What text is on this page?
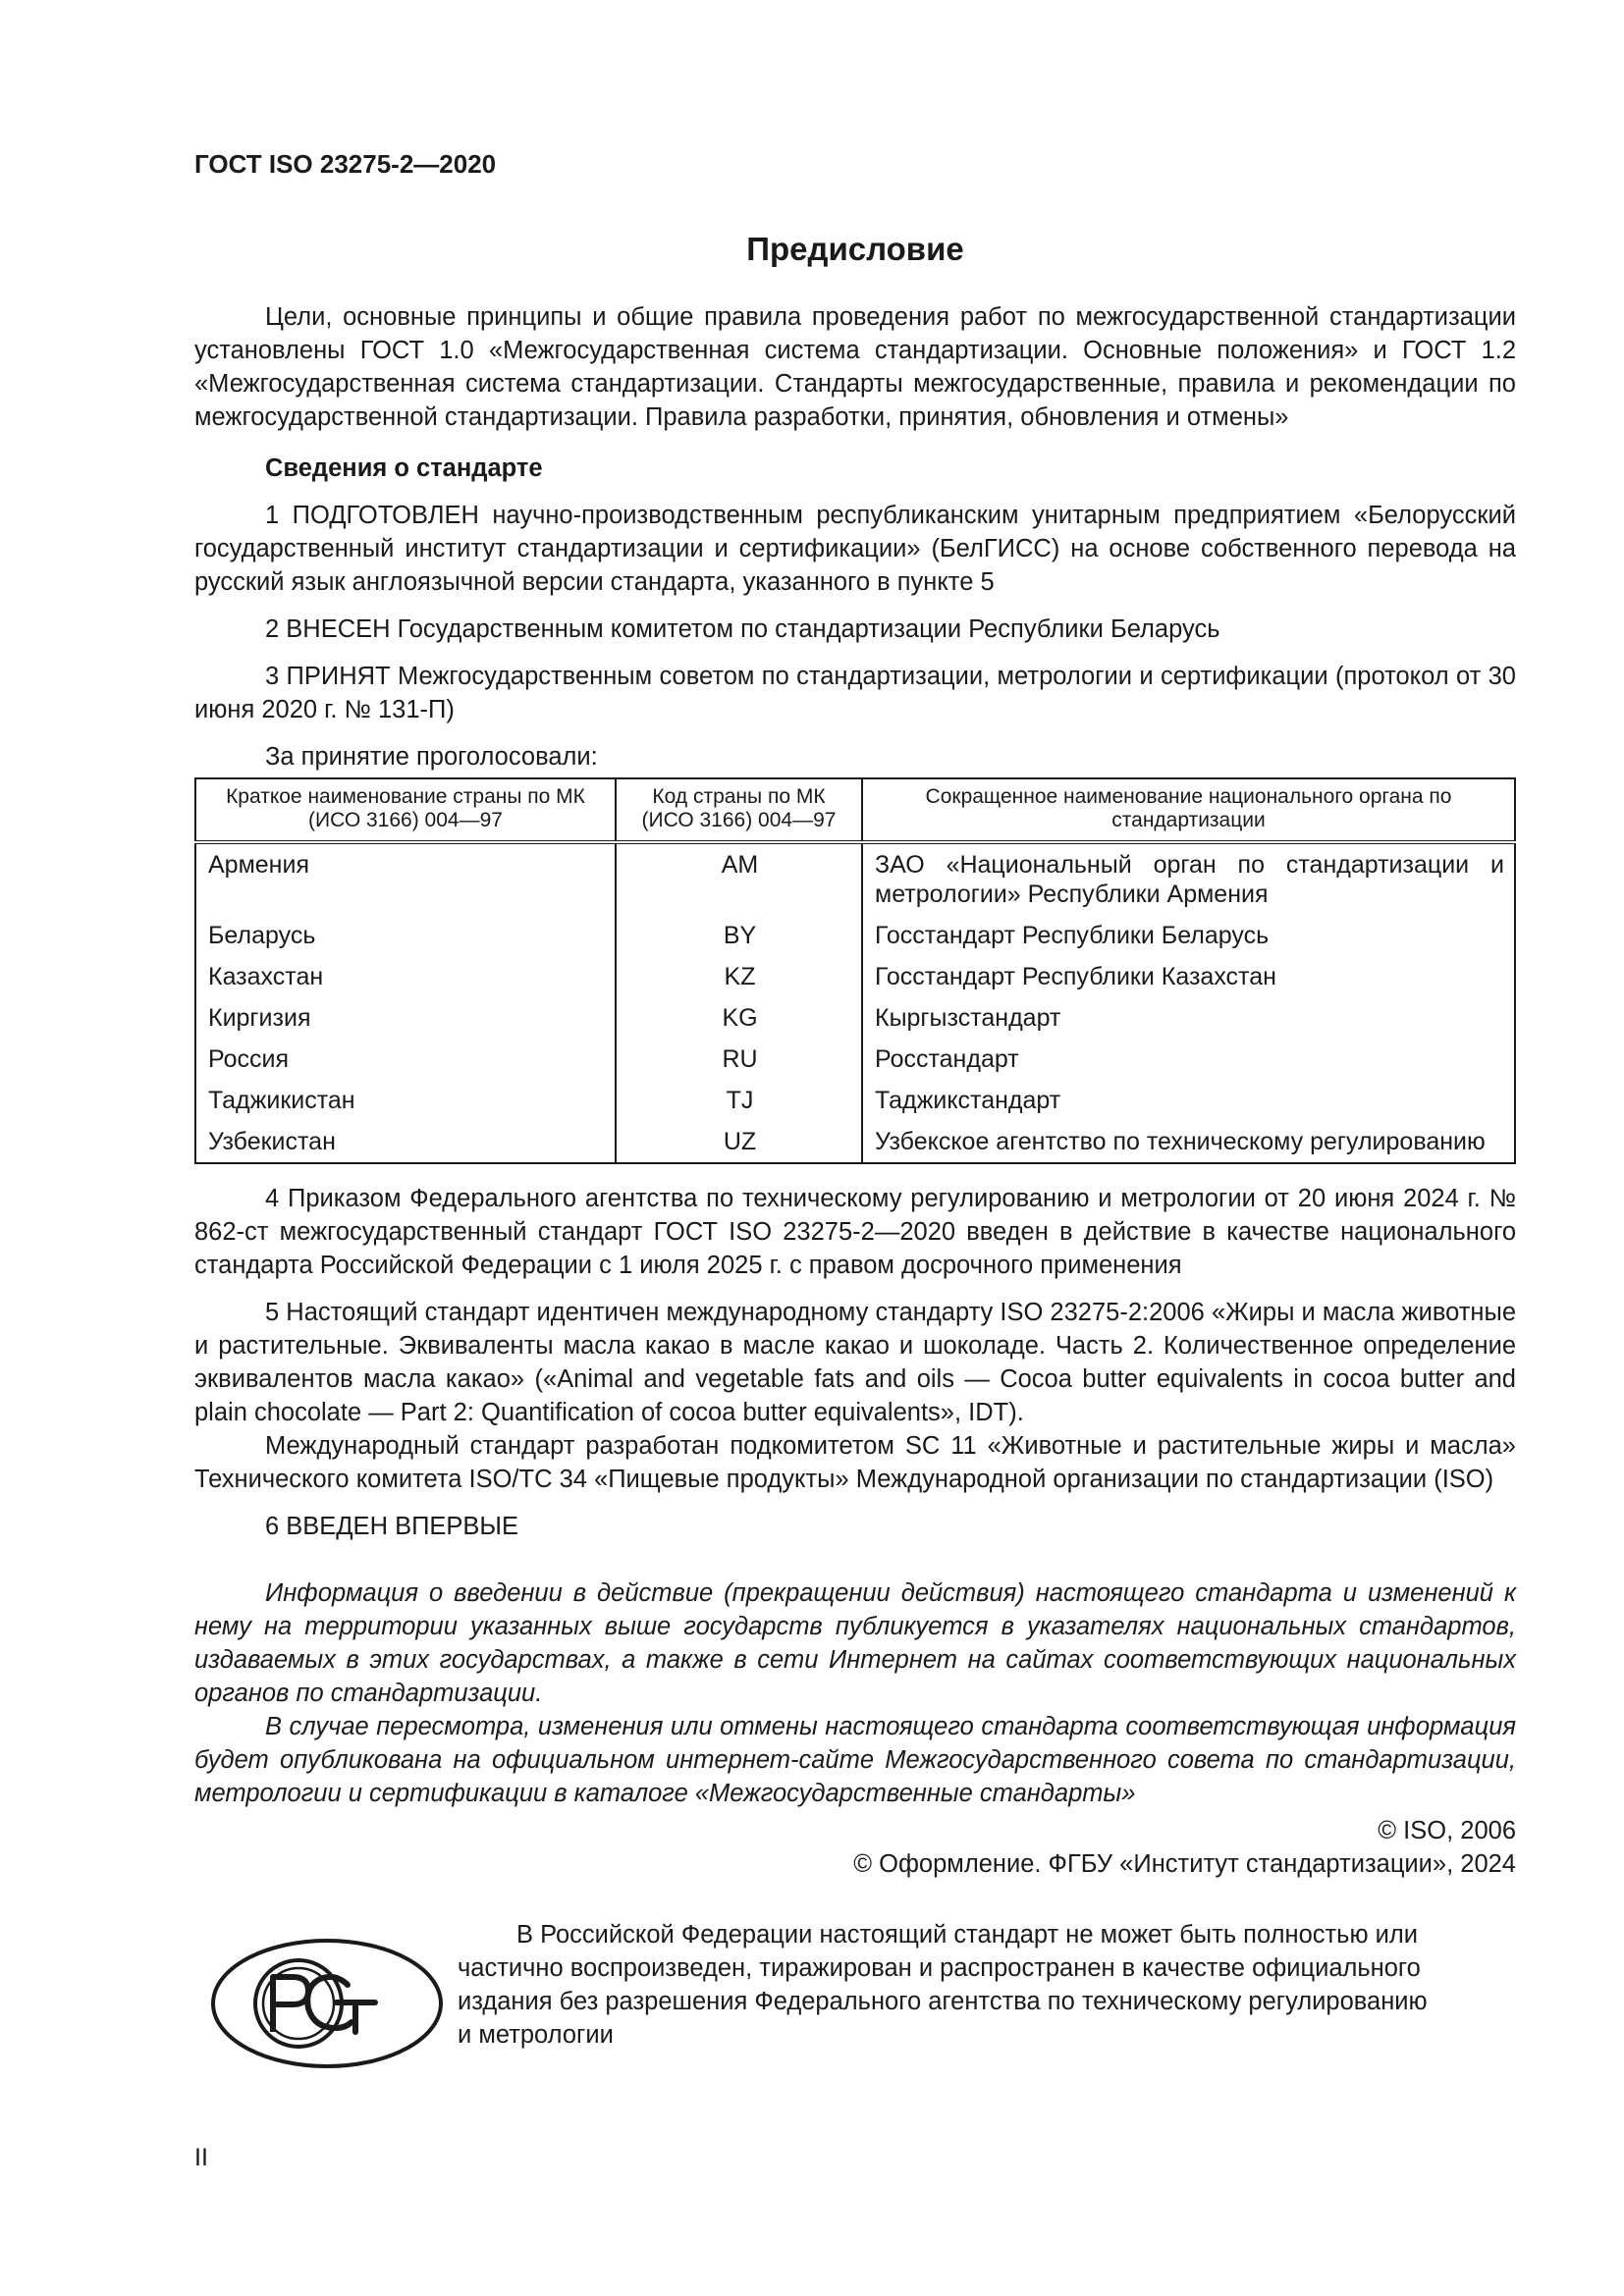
ГОСТ ISO 23275-2—2020
Предисловие

Цели, основные принципы и общие правила проведения работ по межгосударственной стандартизации установлены ГОСТ 1.0 «Межгосударственная система стандартизации. Основные положения» и ГОСТ 1.2 «Межгосударственная система стандартизации. Стандарты межгосударственные, правила и рекомендации по межгосударственной стандартизации. Правила разработки, принятия, обновления и отмены»

Сведения о стандарте

1 ПОДГОТОВЛЕН научно-производственным республиканским унитарным предприятием «Белорусский государственный институт стандартизации и сертификации» (БелГИСС) на основе собственного перевода на русский язык англоязычной версии стандарта, указанного в пункте 5

2 ВНЕСЕН Государственным комитетом по стандартизации Республики Беларусь

3 ПРИНЯТ Межгосударственным советом по стандартизации, метрологии и сертификации (протокол от 30 июня 2020 г. № 131-П)

За принятие проголосовали:

Краткое наименование страны по МК (ИСО 3166) 004—97	Код страны по МК (ИСО 3166) 004—97	Сокращенное наименование национального органа по стандартизации
Армения	AM	ЗАО «Национальный орган по стандартизации и метрологии» Республики Армения
Беларусь	BY	Госстандарт Республики Беларусь
Казахстан	KZ	Госстандарт Республики Казахстан
Киргизия	KG	Кыргызстандарт
Россия	RU	Росстандарт
Таджикистан	TJ	Таджикстандарт
Узбекистан	UZ	Узбекское агентство по техническому регулированию

4 Приказом Федерального агентства по техническому регулированию и метрологии от 20 июня 2024 г. № 862-ст межгосударственный стандарт ГОСТ ISO 23275-2—2020 введен в действие в качестве национального стандарта Российской Федерации с 1 июля 2025 г. с правом досрочного применения

5 Настоящий стандарт идентичен международному стандарту ISO 23275-2:2006 «Жиры и масла животные и растительные. Эквиваленты масла какао в масле какао и шоколаде. Часть 2. Количественное определение эквивалентов масла какао» («Animal and vegetable fats and oils — Cocoa butter equivalents in cocoa butter and plain chocolate — Part 2: Quantification of cocoa butter equivalents», IDT).

Международный стандарт разработан подкомитетом SC 11 «Животные и растительные жиры и масла» Технического комитета ISO/TC 34 «Пищевые продукты» Международной организации по стандартизации (ISO)

6 ВВЕДЕН ВПЕРВЫЕ

Информация о введении в действие (прекращении действия) настоящего стандарта и изменений к нему на территории указанных выше государств публикуется в указателях национальных стандартов, издаваемых в этих государствах, а также в сети Интернет на сайтах соответствующих национальных органов по стандартизации.

В случае пересмотра, изменения или отмены настоящего стандарта соответствующая информация будет опубликована на официальном интернет-сайте Межгосударственного совета по стандартизации, метрологии и сертификации в каталоге «Межгосударственные стандарты»

© ISO, 2006

© Оформление. ФГБУ «Институт стандартизации», 2024

В Российской Федерации настоящий стандарт не может быть полностью или
частично воспроизведен, тиражирован и распространен в качестве официального
издания без разрешения Федерального агентства по техническому регулированию
и метрологии
II
